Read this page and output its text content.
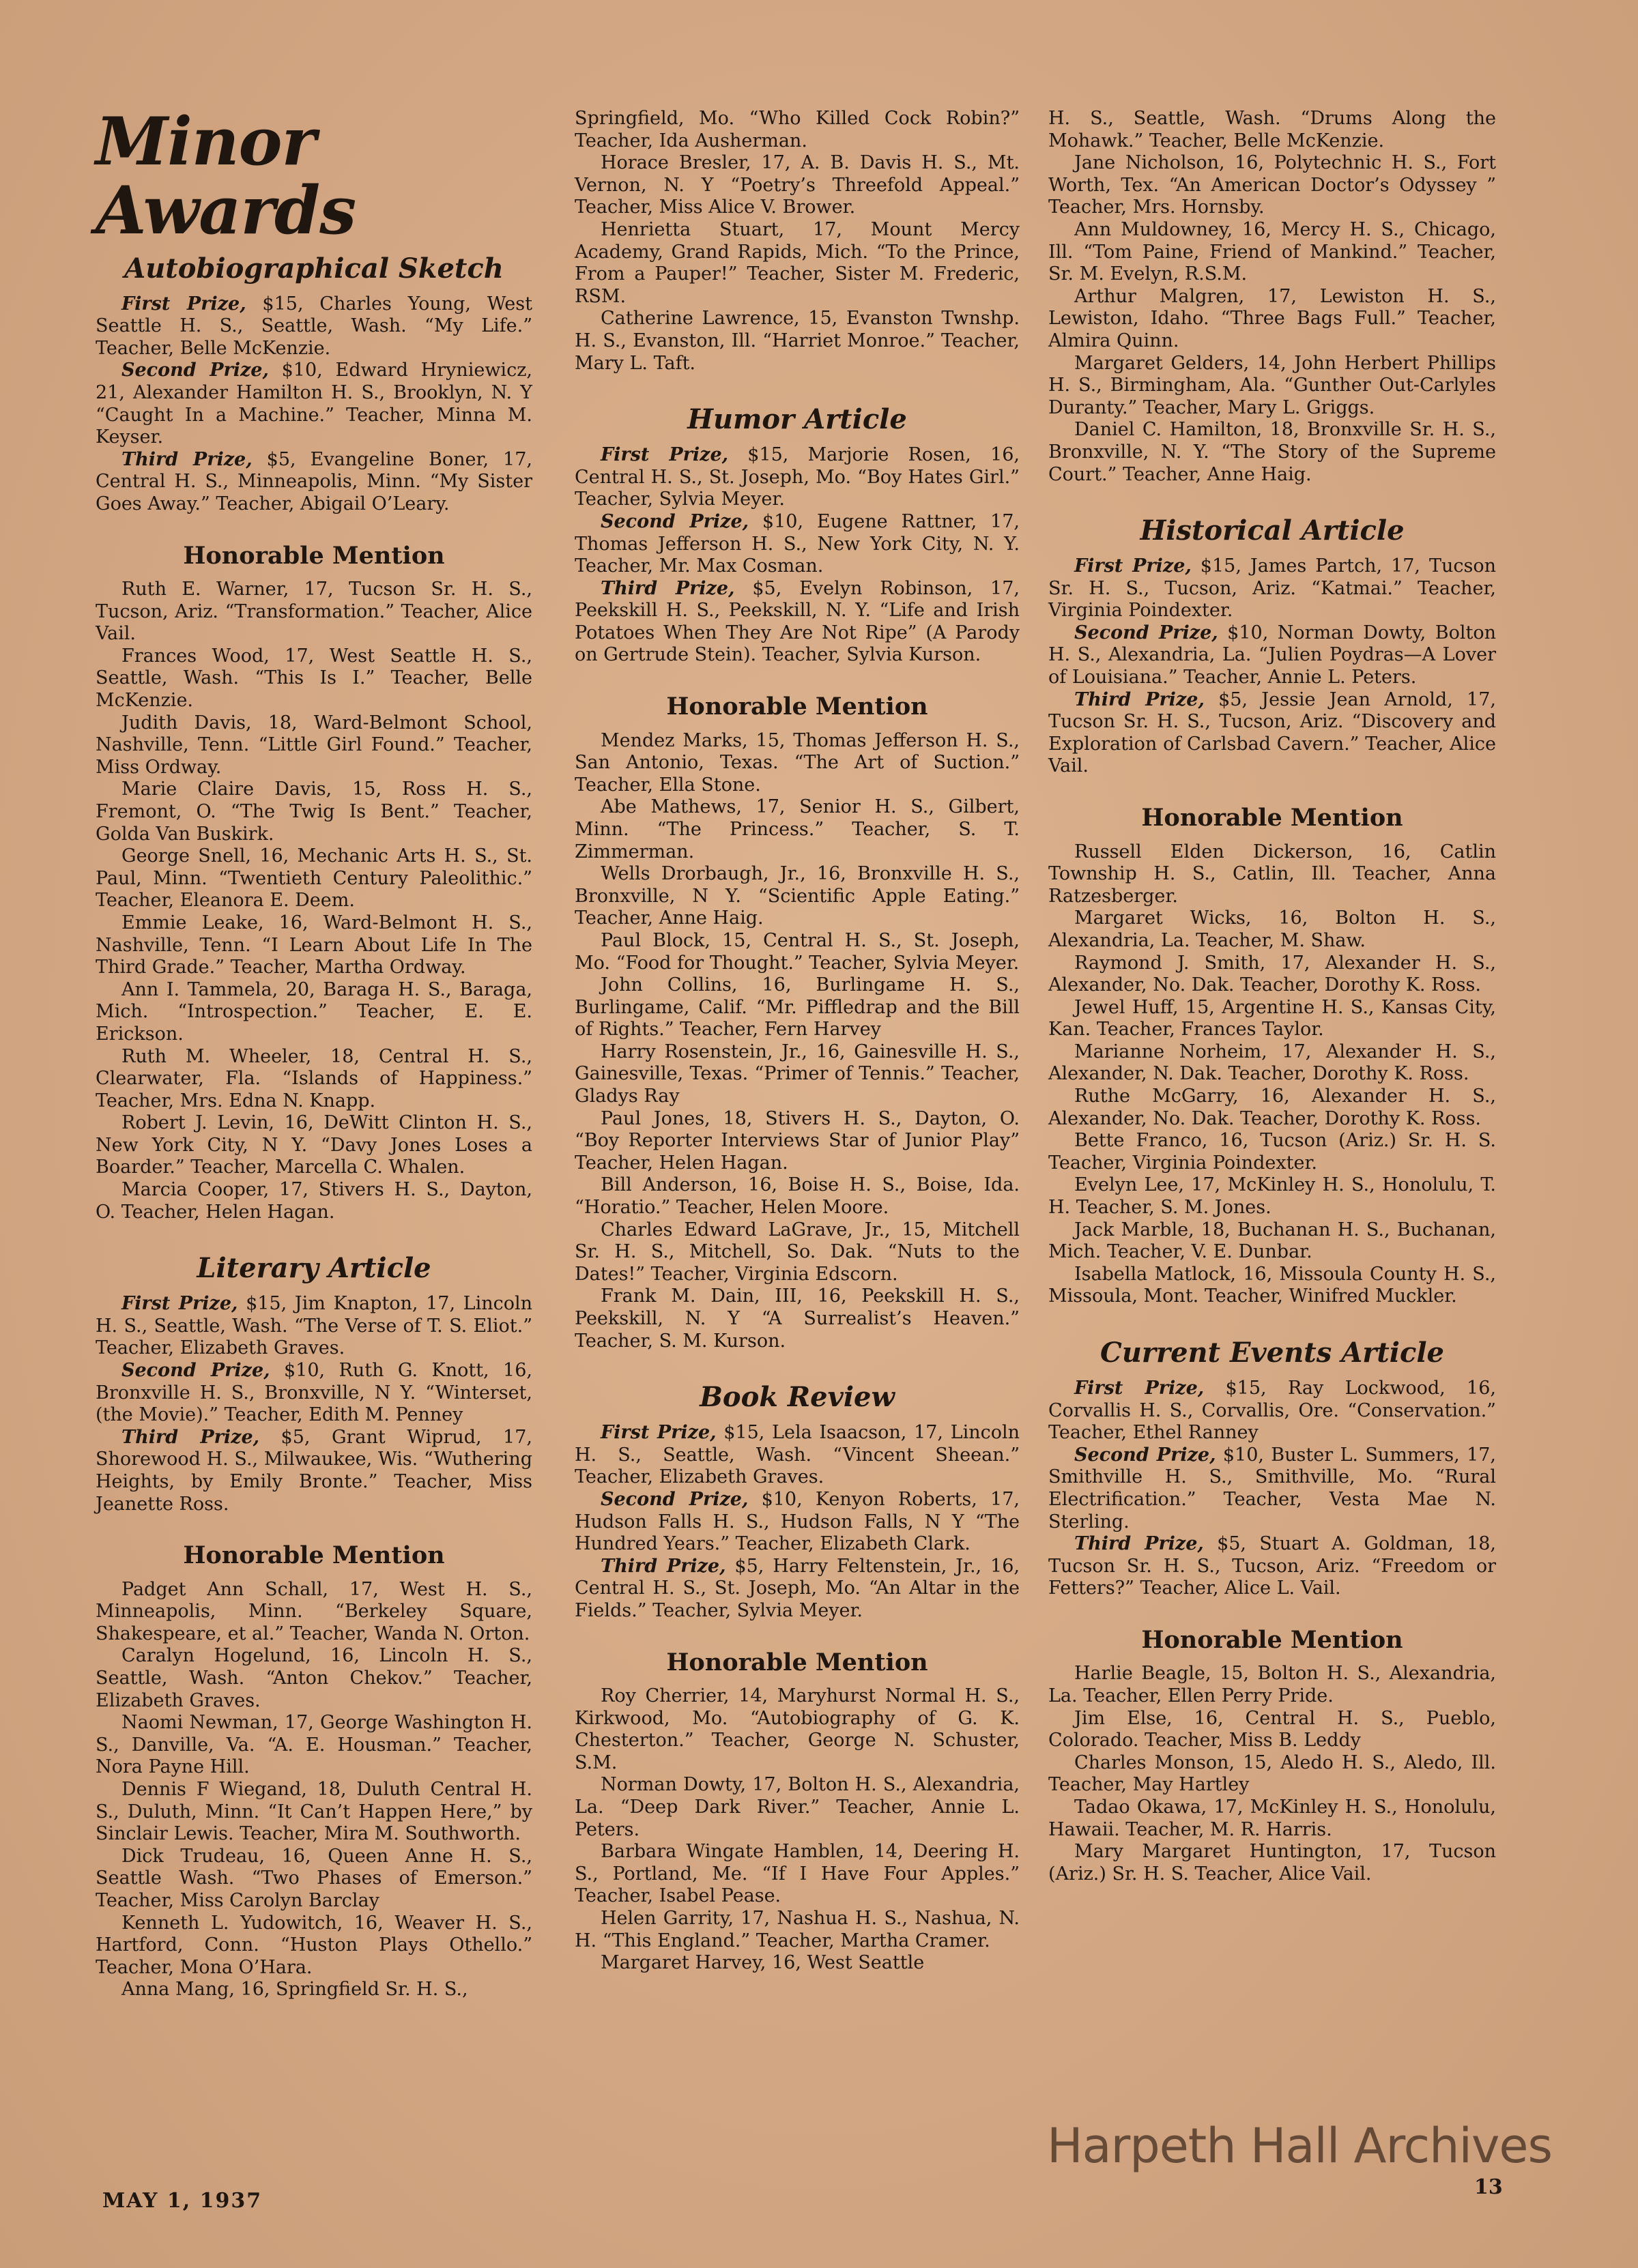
Minor Awards
Autobiographical Sketch

First Prize, $15, Charles Young, West Seattle H. S., Seattle, Wash. “My Life.” Teacher, Belle McKenzie.

Second Prize, $10, Edward Hryniewicz, 21, Alexander Hamilton H. S., Brooklyn, N. Y “Caught In a Machine.” Teacher, Minna M. Keyser.

Third Prize, $5, Evangeline Boner, 17, Central H. S., Minneapolis, Minn. “My Sister Goes Away.” Teacher, Abigail O’Leary.

Honorable Mention

Ruth E. Warner, 17, Tucson Sr. H. S., Tucson, Ariz. “Transformation.” Teacher, Alice Vail.

Frances Wood, 17, West Seattle H. S., Seattle, Wash. “This Is I.” Teacher, Belle McKenzie.

Judith Davis, 18, Ward-Belmont School, Nashville, Tenn. “Little Girl Found.” Teacher, Miss Ordway.

Marie Claire Davis, 15, Ross H. S., Fremont, O. “The Twig Is Bent.” Teacher, Golda Van Buskirk.

George Snell, 16, Mechanic Arts H. S., St. Paul, Minn. “Twentieth Century Paleolithic.” Teacher, Eleanora E. Deem.

Emmie Leake, 16, Ward-Belmont H. S., Nashville, Tenn. “I Learn About Life In The Third Grade.” Teacher, Martha Ordway.

Ann I. Tammela, 20, Baraga H. S., Baraga, Mich. “Introspection.” Teacher, E. E. Erickson.

Ruth M. Wheeler, 18, Central H. S., Clearwater, Fla. “Islands of Happiness.” Teacher, Mrs. Edna N. Knapp.

Robert J. Levin, 16, DeWitt Clinton H. S., New York City, N Y. “Davy Jones Loses a Boarder.” Teacher, Marcella C. Whalen.

Marcia Cooper, 17, Stivers H. S., Dayton, O. Teacher, Helen Hagan.

Literary Article

First Prize, $15, Jim Knapton, 17, Lincoln H. S., Seattle, Wash. “The Verse of T. S. Eliot.” Teacher, Elizabeth Graves.

Second Prize, $10, Ruth G. Knott, 16, Bronxville H. S., Bronxville, N Y. “Winterset, (the Movie).” Teacher, Edith M. Penney

Third Prize, $5, Grant Wiprud, 17, Shorewood H. S., Milwaukee, Wis. “Wuthering Heights, by Emily Bronte.” Teacher, Miss Jeanette Ross.

Honorable Mention

Padget Ann Schall, 17, West H. S., Minneapolis, Minn. “Berkeley Square, Shakespeare, et al.” Teacher, Wanda N. Orton.

Caralyn Hogelund, 16, Lincoln H. S., Seattle, Wash. “Anton Chekov.” Teacher, Elizabeth Graves.

Naomi Newman, 17, George Washington H. S., Danville, Va. “A. E. Housman.” Teacher, Nora Payne Hill.

Dennis F Wiegand, 18, Duluth Central H. S., Duluth, Minn. “It Can’t Happen Here,” by Sinclair Lewis. Teacher, Mira M. Southworth.

Dick Trudeau, 16, Queen Anne H. S., Seattle Wash. “Two Phases of Emerson.” Teacher, Miss Carolyn Barclay

Kenneth L. Yudowitch, 16, Weaver H. S., Hartford, Conn. “Huston Plays Othello.” Teacher, Mona O’Hara.

Anna Mang, 16, Springfield Sr. H. S.,

Springfield, Mo. “Who Killed Cock Robin?” Teacher, Ida Ausherman.

Horace Bresler, 17, A. B. Davis H. S., Mt. Vernon, N. Y “Poetry’s Threefold Appeal.” Teacher, Miss Alice V. Brower.

Henrietta Stuart, 17, Mount Mercy Academy, Grand Rapids, Mich. “To the Prince, From a Pauper!” Teacher, Sister M. Frederic, RSM.

Catherine Lawrence, 15, Evanston Twnshp. H. S., Evanston, Ill. “Harriet Monroe.” Teacher, Mary L. Taft.

Humor Article

First Prize, $15, Marjorie Rosen, 16, Central H. S., St. Joseph, Mo. “Boy Hates Girl.” Teacher, Sylvia Meyer.

Second Prize, $10, Eugene Rattner, 17, Thomas Jefferson H. S., New York City, N. Y. Teacher, Mr. Max Cosman.

Third Prize, $5, Evelyn Robinson, 17, Peekskill H. S., Peekskill, N. Y. “Life and Irish Potatoes When They Are Not Ripe” (A Parody on Gertrude Stein). Teacher, Sylvia Kurson.

Honorable Mention

Mendez Marks, 15, Thomas Jefferson H. S., San Antonio, Texas. “The Art of Suction.” Teacher, Ella Stone.

Abe Mathews, 17, Senior H. S., Gilbert, Minn. “The Princess.” Teacher, S. T. Zimmerman.

Wells Drorbaugh, Jr., 16, Bronxville H. S., Bronxville, N Y. “Scientific Apple Eating.” Teacher, Anne Haig.

Paul Block, 15, Central H. S., St. Joseph, Mo. “Food for Thought.” Teacher, Sylvia Meyer.

John Collins, 16, Burlingame H. S., Burlingame, Calif. “Mr. Piffledrap and the Bill of Rights.” Teacher, Fern Harvey

Harry Rosenstein, Jr., 16, Gainesville H. S., Gainesville, Texas. “Primer of Tennis.” Teacher, Gladys Ray

Paul Jones, 18, Stivers H. S., Dayton, O. “Boy Reporter Interviews Star of Junior Play” Teacher, Helen Hagan.

Bill Anderson, 16, Boise H. S., Boise, Ida. “Horatio.” Teacher, Helen Moore.

Charles Edward LaGrave, Jr., 15, Mitchell Sr. H. S., Mitchell, So. Dak. “Nuts to the Dates!” Teacher, Virginia Edscorn.

Frank M. Dain, III, 16, Peekskill H. S., Peekskill, N. Y “A Surrealist’s Heaven.” Teacher, S. M. Kurson.

Book Review

First Prize, $15, Lela Isaacson, 17, Lincoln H. S., Seattle, Wash. “Vincent Sheean.” Teacher, Elizabeth Graves.

Second Prize, $10, Kenyon Roberts, 17, Hudson Falls H. S., Hudson Falls, N Y “The Hundred Years.” Teacher, Elizabeth Clark.

Third Prize, $5, Harry Feltenstein, Jr., 16, Central H. S., St. Joseph, Mo. “An Altar in the Fields.” Teacher, Sylvia Meyer.

Honorable Mention

Roy Cherrier, 14, Maryhurst Normal H. S., Kirkwood, Mo. “Autobiography of G. K. Chesterton.” Teacher, George N. Schuster, S.M.

Norman Dowty, 17, Bolton H. S., Alexandria, La. “Deep Dark River.” Teacher, Annie L. Peters.

Barbara Wingate Hamblen, 14, Deering H. S., Portland, Me. “If I Have Four Apples.” Teacher, Isabel Pease.

Helen Garrity, 17, Nashua H. S., Nashua, N. H. “This England.” Teacher, Martha Cramer.

Margaret Harvey, 16, West Seattle

H. S., Seattle, Wash. “Drums Along the Mohawk.” Teacher, Belle McKenzie.

Jane Nicholson, 16, Polytechnic H. S., Fort Worth, Tex. “An American Doctor’s Odyssey ” Teacher, Mrs. Hornsby.

Ann Muldowney, 16, Mercy H. S., Chicago, Ill. “Tom Paine, Friend of Mankind.” Teacher, Sr. M. Evelyn, R.S.M.

Arthur Malgren, 17, Lewiston H. S., Lewiston, Idaho. “Three Bags Full.” Teacher, Almira Quinn.

Margaret Gelders, 14, John Herbert Phillips H. S., Birmingham, Ala. “Gunther Out-Carlyles Duranty.” Teacher, Mary L. Griggs.

Daniel C. Hamilton, 18, Bronxville Sr. H. S., Bronxville, N. Y. “The Story of the Supreme Court.” Teacher, Anne Haig.

Historical Article

First Prize, $15, James Partch, 17, Tucson Sr. H. S., Tucson, Ariz. “Katmai.” Teacher, Virginia Poindexter.

Second Prize, $10, Norman Dowty, Bolton H. S., Alexandria, La. “Julien Poydras—A Lover of Louisiana.” Teacher, Annie L. Peters.

Third Prize, $5, Jessie Jean Arnold, 17, Tucson Sr. H. S., Tucson, Ariz. “Discovery and Exploration of Carlsbad Cavern.” Teacher, Alice Vail.

Honorable Mention

Russell Elden Dickerson, 16, Catlin Township H. S., Catlin, Ill. Teacher, Anna Ratzesberger.

Margaret Wicks, 16, Bolton H. S., Alexandria, La. Teacher, M. Shaw.

Raymond J. Smith, 17, Alexander H. S., Alexander, No. Dak. Teacher, Dorothy K. Ross.

Jewel Huff, 15, Argentine H. S., Kansas City, Kan. Teacher, Frances Taylor.

Marianne Norheim, 17, Alexander H. S., Alexander, N. Dak. Teacher, Dorothy K. Ross.

Ruthe McGarry, 16, Alexander H. S., Alexander, No. Dak. Teacher, Dorothy K. Ross.

Bette Franco, 16, Tucson (Ariz.) Sr. H. S. Teacher, Virginia Poindexter.

Evelyn Lee, 17, McKinley H. S., Honolulu, T. H. Teacher, S. M. Jones.

Jack Marble, 18, Buchanan H. S., Buchanan, Mich. Teacher, V. E. Dunbar.

Isabella Matlock, 16, Missoula County H. S., Missoula, Mont. Teacher, Winifred Muckler.

Current Events Article

First Prize, $15, Ray Lockwood, 16, Corvallis H. S., Corvallis, Ore. “Conservation.” Teacher, Ethel Ranney

Second Prize, $10, Buster L. Summers, 17, Smithville H. S., Smithville, Mo. “Rural Electrification.” Teacher, Vesta Mae N. Sterling.

Third Prize, $5, Stuart A. Goldman, 18, Tucson Sr. H. S., Tucson, Ariz. “Freedom or Fetters?” Teacher, Alice L. Vail.

Honorable Mention

Harlie Beagle, 15, Bolton H. S., Alexandria, La. Teacher, Ellen Perry Pride.

Jim Else, 16, Central H. S., Pueblo, Colorado. Teacher, Miss B. Leddy

Charles Monson, 15, Aledo H. S., Aledo, Ill. Teacher, May Hartley

Tadao Okawa, 17, McKinley H. S., Honolulu, Hawaii. Teacher, M. R. Harris.

Mary Margaret Huntington, 17, Tucson (Ariz.) Sr. H. S. Teacher, Alice Vail.

Harpeth Hall Archives
MAY 1, 1937
13
